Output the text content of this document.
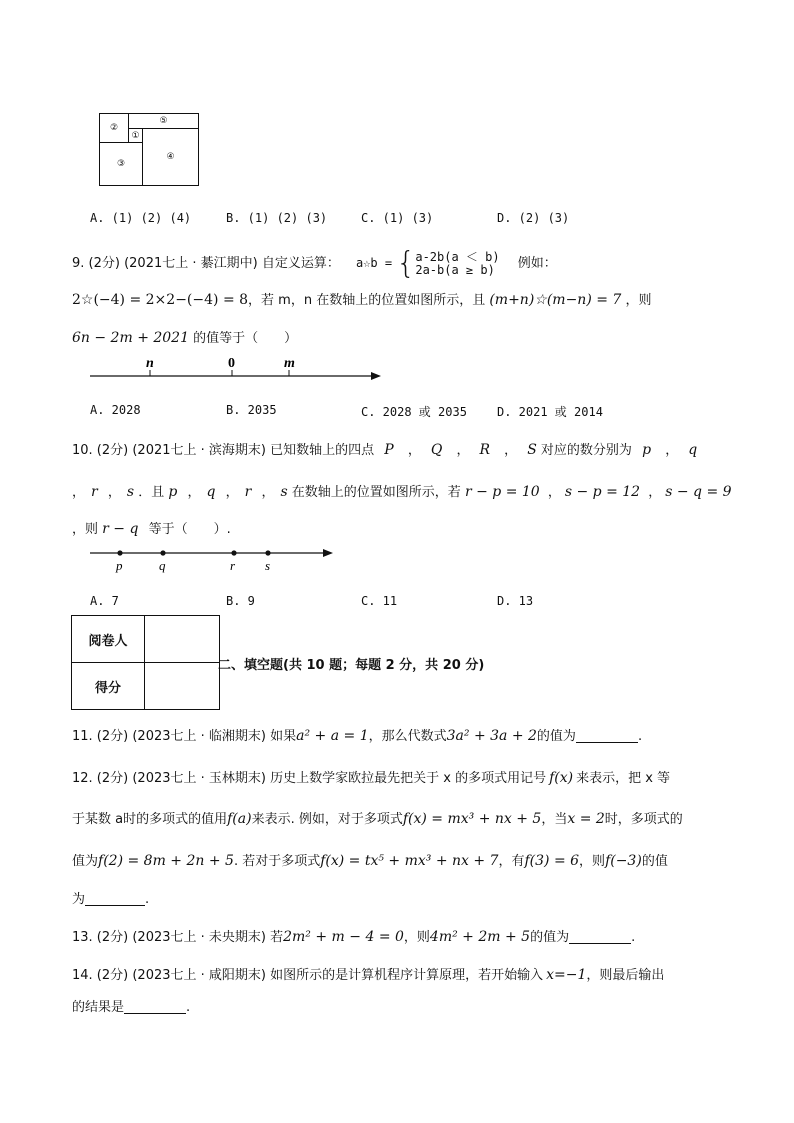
②
⑤
①
③
④
A. (1) (2) (4)	B. (1) (2) (3)	C. (1) (3)	D. (2) (3)
9. (2分) (2021七上 · 綦江期中) 自定义运算： a☆b = { a-2b(a ＜ b)
2a-b(a ≥ b)	例如：
2☆(−4) = 2×2−(−4) = 8，若 m，n 在数轴上的位置如图所示，且 (m+n)☆(m−n) = 7 ，则
6n − 2m + 2021 的值等于（　　）
n	0	m
A. 2028	B. 2035	C. 2028 或 2035	D. 2021 或 2014
10. (2分) (2021七上 · 滨海期末) 已知数轴上的四点 P ， Q ， R ， S 对应的数分别为 p ， q
， r ， s ．且 p ， q ， r ， s 在数轴上的位置如图所示，若 r − p = 10 ， s − p = 12 ， s − q = 9
，则 r − q 等于（　　）.
p	q	r s
A. 7	B. 9	C. 11	D. 13
阅卷人	
得分	
二、填空题(共 10 题；每题 2 分，共 20 分)
11. (2分) (2023七上 · 临湘期末) 如果a² + a = 1，那么代数式3a² + 3a + 2的值为	.
12. (2分) (2023七上 · 玉林期末) 历史上数学家欧拉最先把关于 x 的多项式用记号 f(x) 来表示，把 x 等
于某数 a时的多项式的值用f(a)来表示. 例如，对于多项式f(x) = mx³ + nx + 5，当x = 2时，多项式的
值为f(2) = 8m + 2n + 5. 若对于多项式f(x) = tx⁵ + mx³ + nx + 7，有f(3) = 6，则f(−3)的值
为	.
13. (2分) (2023七上 · 未央期末) 若2m² + m − 4 = 0，则4m² + 2m + 5的值为	.
14. (2分) (2023七上 · 咸阳期末) 如图所示的是计算机程序计算原理，若开始输入 x=−1，则最后输出
的结果是	.
